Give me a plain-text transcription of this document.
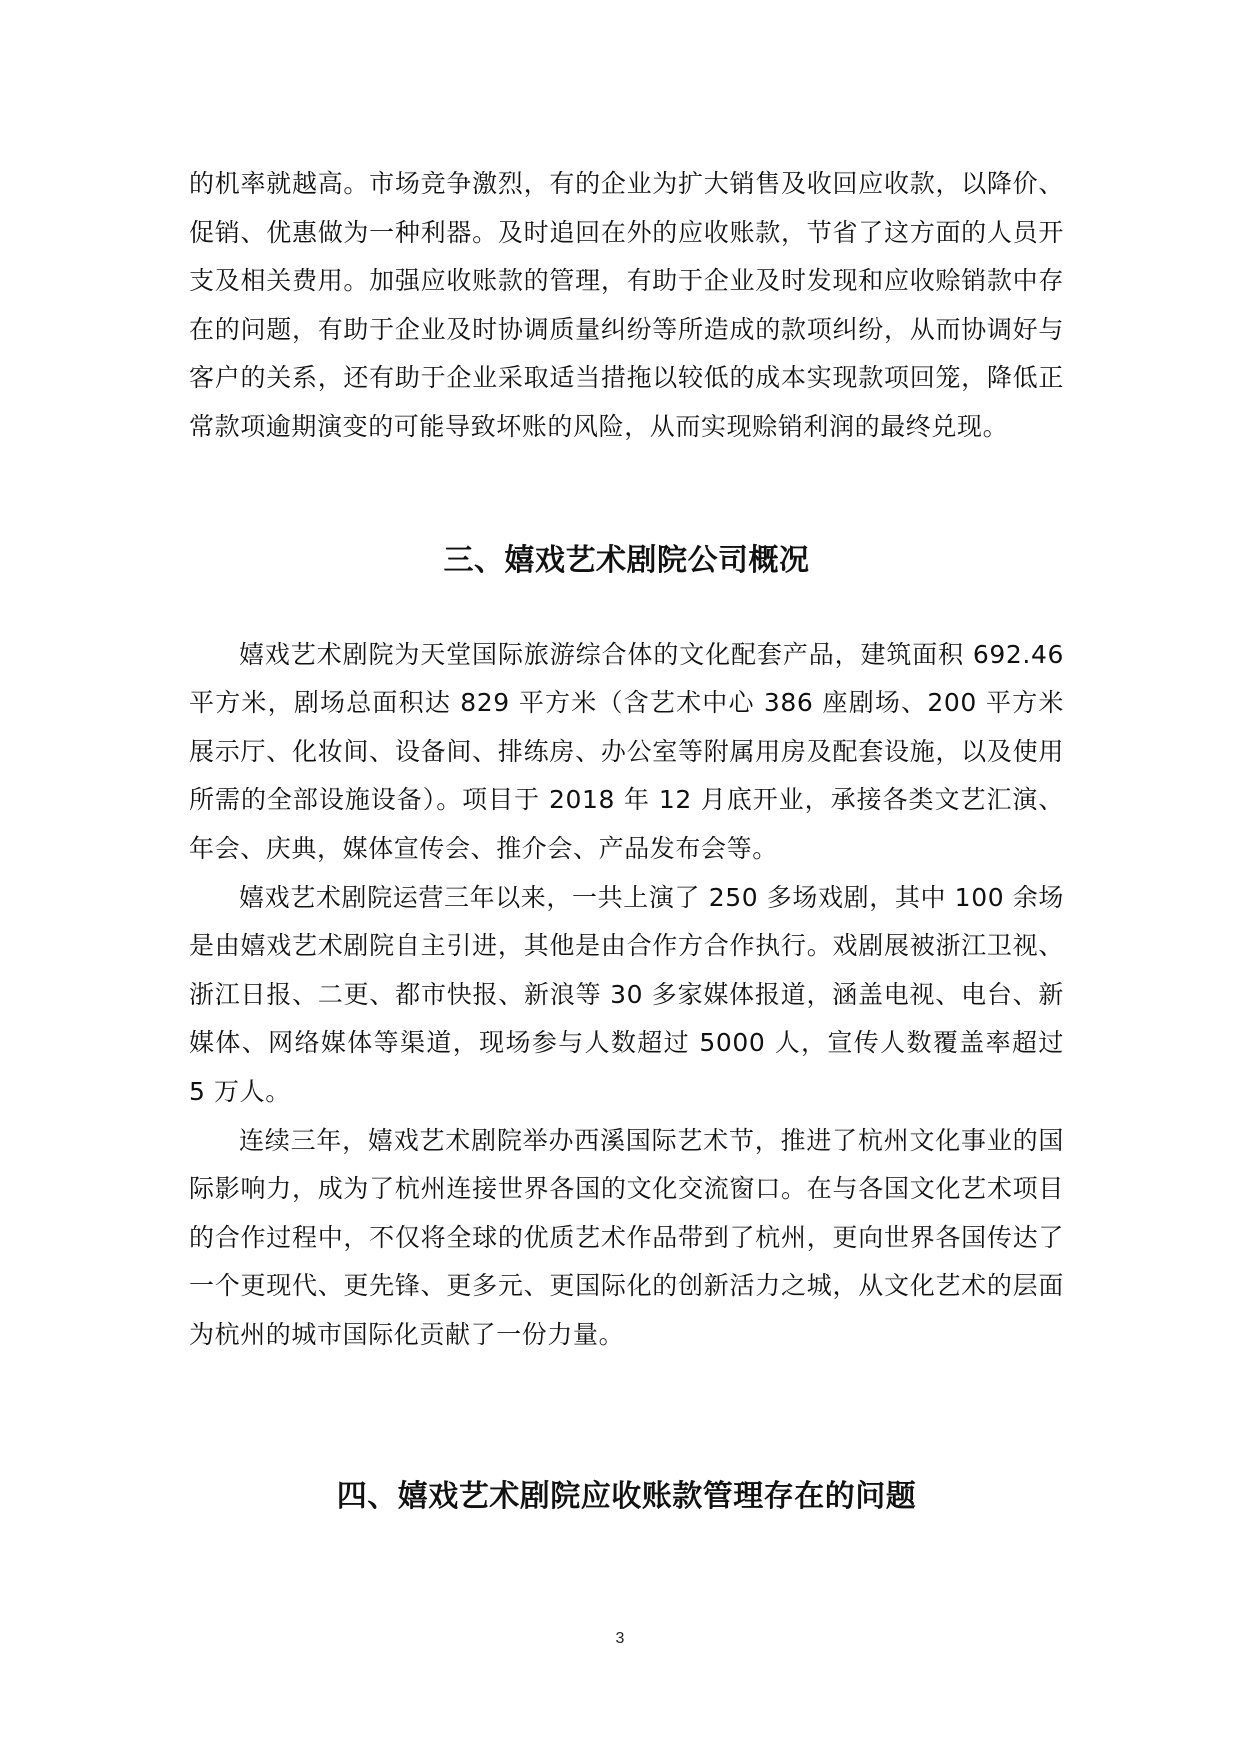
的机率就越高。市场竞争激烈，有的企业为扩大销售及收回应收款，以降价、促销、优惠做为一种利器。及时追回在外的应收账款，节省了这方面的人员开支及相关费用。加强应收账款的管理，有助于企业及时发现和应收赊销款中存在的问题，有助于企业及时协调质量纠纷等所造成的款项纠纷，从而协调好与客户的关系，还有助于企业采取适当措拖以较低的成本实现款项回笼，降低正常款项逾期演变的可能导致坏账的风险，从而实现赊销利润的最终兑现。

三、嬉戏艺术剧院公司概况

嬉戏艺术剧院为天堂国际旅游综合体的文化配套产品，建筑面积 692.46 平方米，剧场总面积达 829 平方米（含艺术中心 386 座剧场、200 平方米展示厅、化妆间、设备间、排练房、办公室等附属用房及配套设施，以及使用所需的全部设施设备）。项目于 2018 年 12 月底开业，承接各类文艺汇演、年会、庆典，媒体宣传会、推介会、产品发布会等。

嬉戏艺术剧院运营三年以来，一共上演了 250 多场戏剧，其中 100 余场是由嬉戏艺术剧院自主引进，其他是由合作方合作执行。戏剧展被浙江卫视、浙江日报、二更、都市快报、新浪等 30 多家媒体报道，涵盖电视、电台、新媒体、网络媒体等渠道，现场参与人数超过 5000 人，宣传人数覆盖率超过 5 万人。

连续三年，嬉戏艺术剧院举办西溪国际艺术节，推进了杭州文化事业的国际影响力，成为了杭州连接世界各国的文化交流窗口。在与各国文化艺术项目的合作过程中，不仅将全球的优质艺术作品带到了杭州，更向世界各国传达了一个更现代、更先锋、更多元、更国际化的创新活力之城，从文化艺术的层面为杭州的城市国际化贡献了一份力量。

四、嬉戏艺术剧院应收账款管理存在的问题
3
